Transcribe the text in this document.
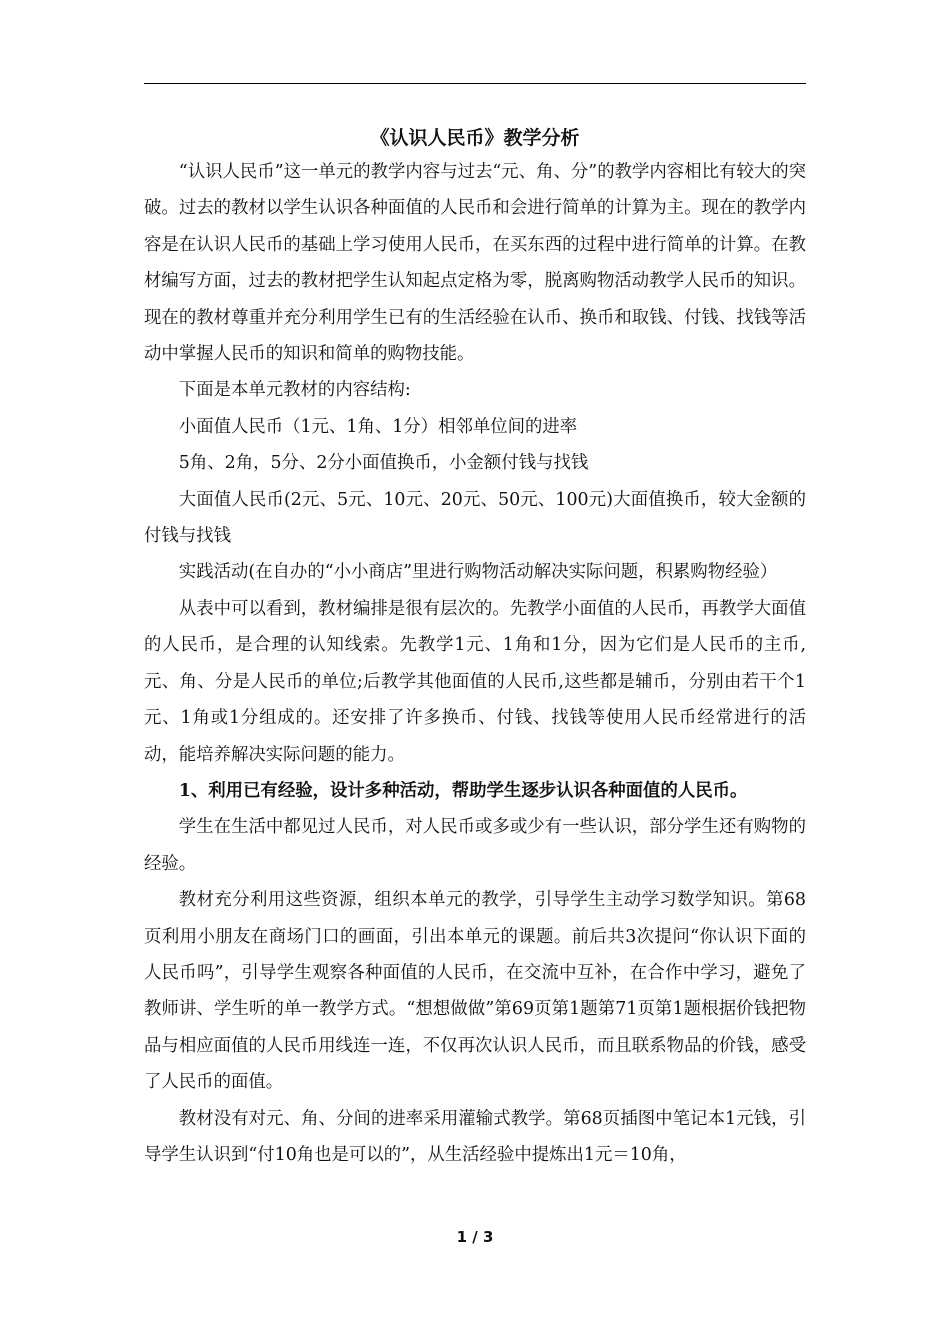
《认识人民币》教学分析

“认识人民币”这一单元的教学内容与过去“元、角、分”的教学内容相比有较大的突破。过去的教材以学生认识各种面值的人民币和会进行简单的计算为主。现在的教学内容是在认识人民币的基础上学习使用人民币，在买东西的过程中进行简单的计算。在教材编写方面，过去的教材把学生认知起点定格为零，脱离购物活动教学人民币的知识。现在的教材尊重并充分利用学生已有的生活经验在认币、换币和取钱、付钱、找钱等活动中掌握人民币的知识和简单的购物技能。

下面是本单元教材的内容结构:

小面值人民币（1元、1角、1分）相邻单位间的进率

5角、2角，5分、2分小面值换币，小金额付钱与找钱

大面值人民币(2元、5元、10元、20元、50元、100元)大面值换币，较大金额的付钱与找钱

实践活动(在自办的“小小商店”里进行购物活动解决实际问题，积累购物经验）

从表中可以看到，教材编排是很有层次的。先教学小面值的人民币，再教学大面值的人民币，是合理的认知线索。先教学1元、1角和1分，因为它们是人民币的主币,元、角、分是人民币的单位;后教学其他面值的人民币,这些都是辅币，分别由若干个1元、1角或1分组成的。还安排了许多换币、付钱、找钱等使用人民币经常进行的活动，能培养解决实际问题的能力。

1、利用已有经验，设计多种活动，帮助学生逐步认识各种面值的人民币。

学生在生活中都见过人民币，对人民币或多或少有一些认识，部分学生还有购物的经验。

教材充分利用这些资源，组织本单元的教学，引导学生主动学习数学知识。第68页利用小朋友在商场门口的画面，引出本单元的课题。前后共3次提问“你认识下面的人民币吗”，引导学生观察各种面值的人民币，在交流中互补，在合作中学习，避免了教师讲、学生听的单一教学方式。“想想做做”第69页第1题第71页第1题根据价钱把物品与相应面值的人民币用线连一连，不仅再次认识人民币，而且联系物品的价钱，感受了人民币的面值。

教材没有对元、角、分间的进率采用灌输式教学。第68页插图中笔记本1元钱，引导学生认识到“付10角也是可以的”，从生活经验中提炼出1元＝10角，

1 / 3
